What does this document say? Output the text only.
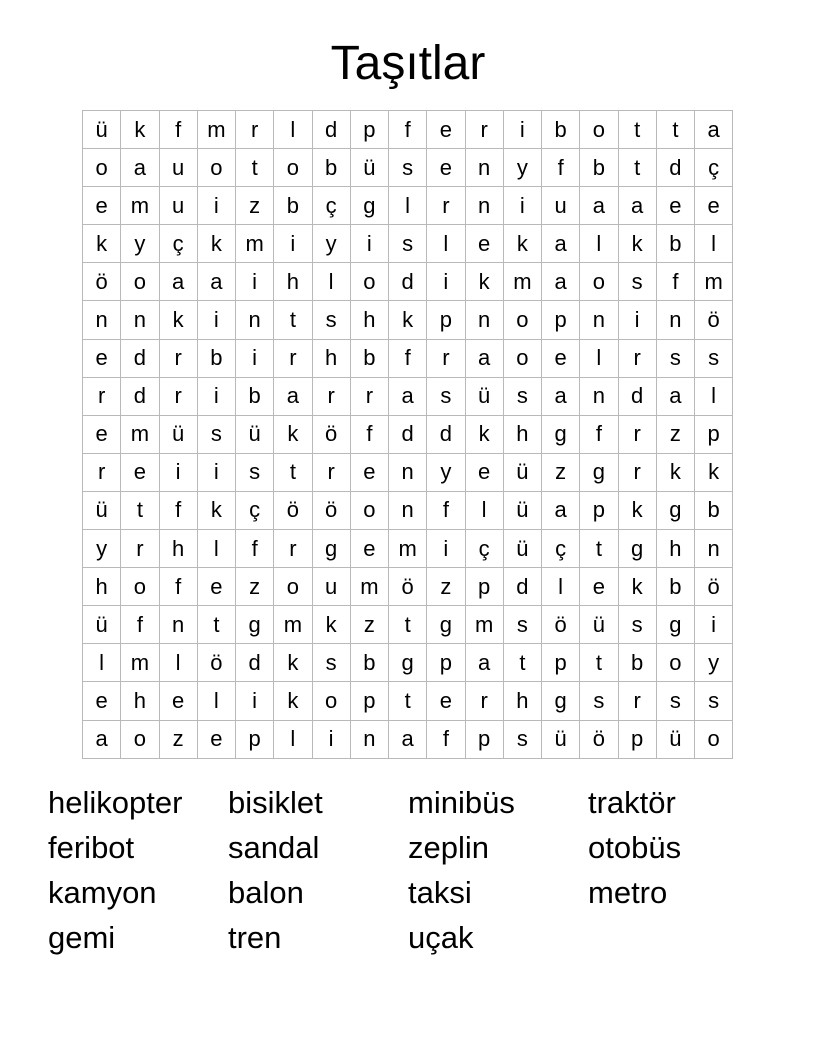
Taşıtlar
ü	k	f	m	r	l	d	p	f	e	r	i	b	o	t	t	a
o	a	u	o	t	o	b	ü	s	e	n	y	f	b	t	d	ç
e	m	u	i	z	b	ç	g	l	r	n	i	u	a	a	e	e
k	y	ç	k	m	i	y	i	s	l	e	k	a	l	k	b	l
ö	o	a	a	i	h	l	o	d	i	k	m	a	o	s	f	m
n	n	k	i	n	t	s	h	k	p	n	o	p	n	i	n	ö
e	d	r	b	i	r	h	b	f	r	a	o	e	l	r	s	s
r	d	r	i	b	a	r	r	a	s	ü	s	a	n	d	a	l
e	m	ü	s	ü	k	ö	f	d	d	k	h	g	f	r	z	p
r	e	i	i	s	t	r	e	n	y	e	ü	z	g	r	k	k
ü	t	f	k	ç	ö	ö	o	n	f	l	ü	a	p	k	g	b
y	r	h	l	f	r	g	e	m	i	ç	ü	ç	t	g	h	n
h	o	f	e	z	o	u	m	ö	z	p	d	l	e	k	b	ö
ü	f	n	t	g	m	k	z	t	g	m	s	ö	ü	s	g	i
l	m	l	ö	d	k	s	b	g	p	a	t	p	t	b	o	y
e	h	e	l	i	k	o	p	t	e	r	h	g	s	r	s	s
a	o	z	e	p	l	i	n	a	f	p	s	ü	ö	p	ü	o
helikopter	bisiklet	minibüs	traktör
feribot	sandal	zeplin	otobüs
kamyon	balon	taksi	metro
gemi	tren	uçak
